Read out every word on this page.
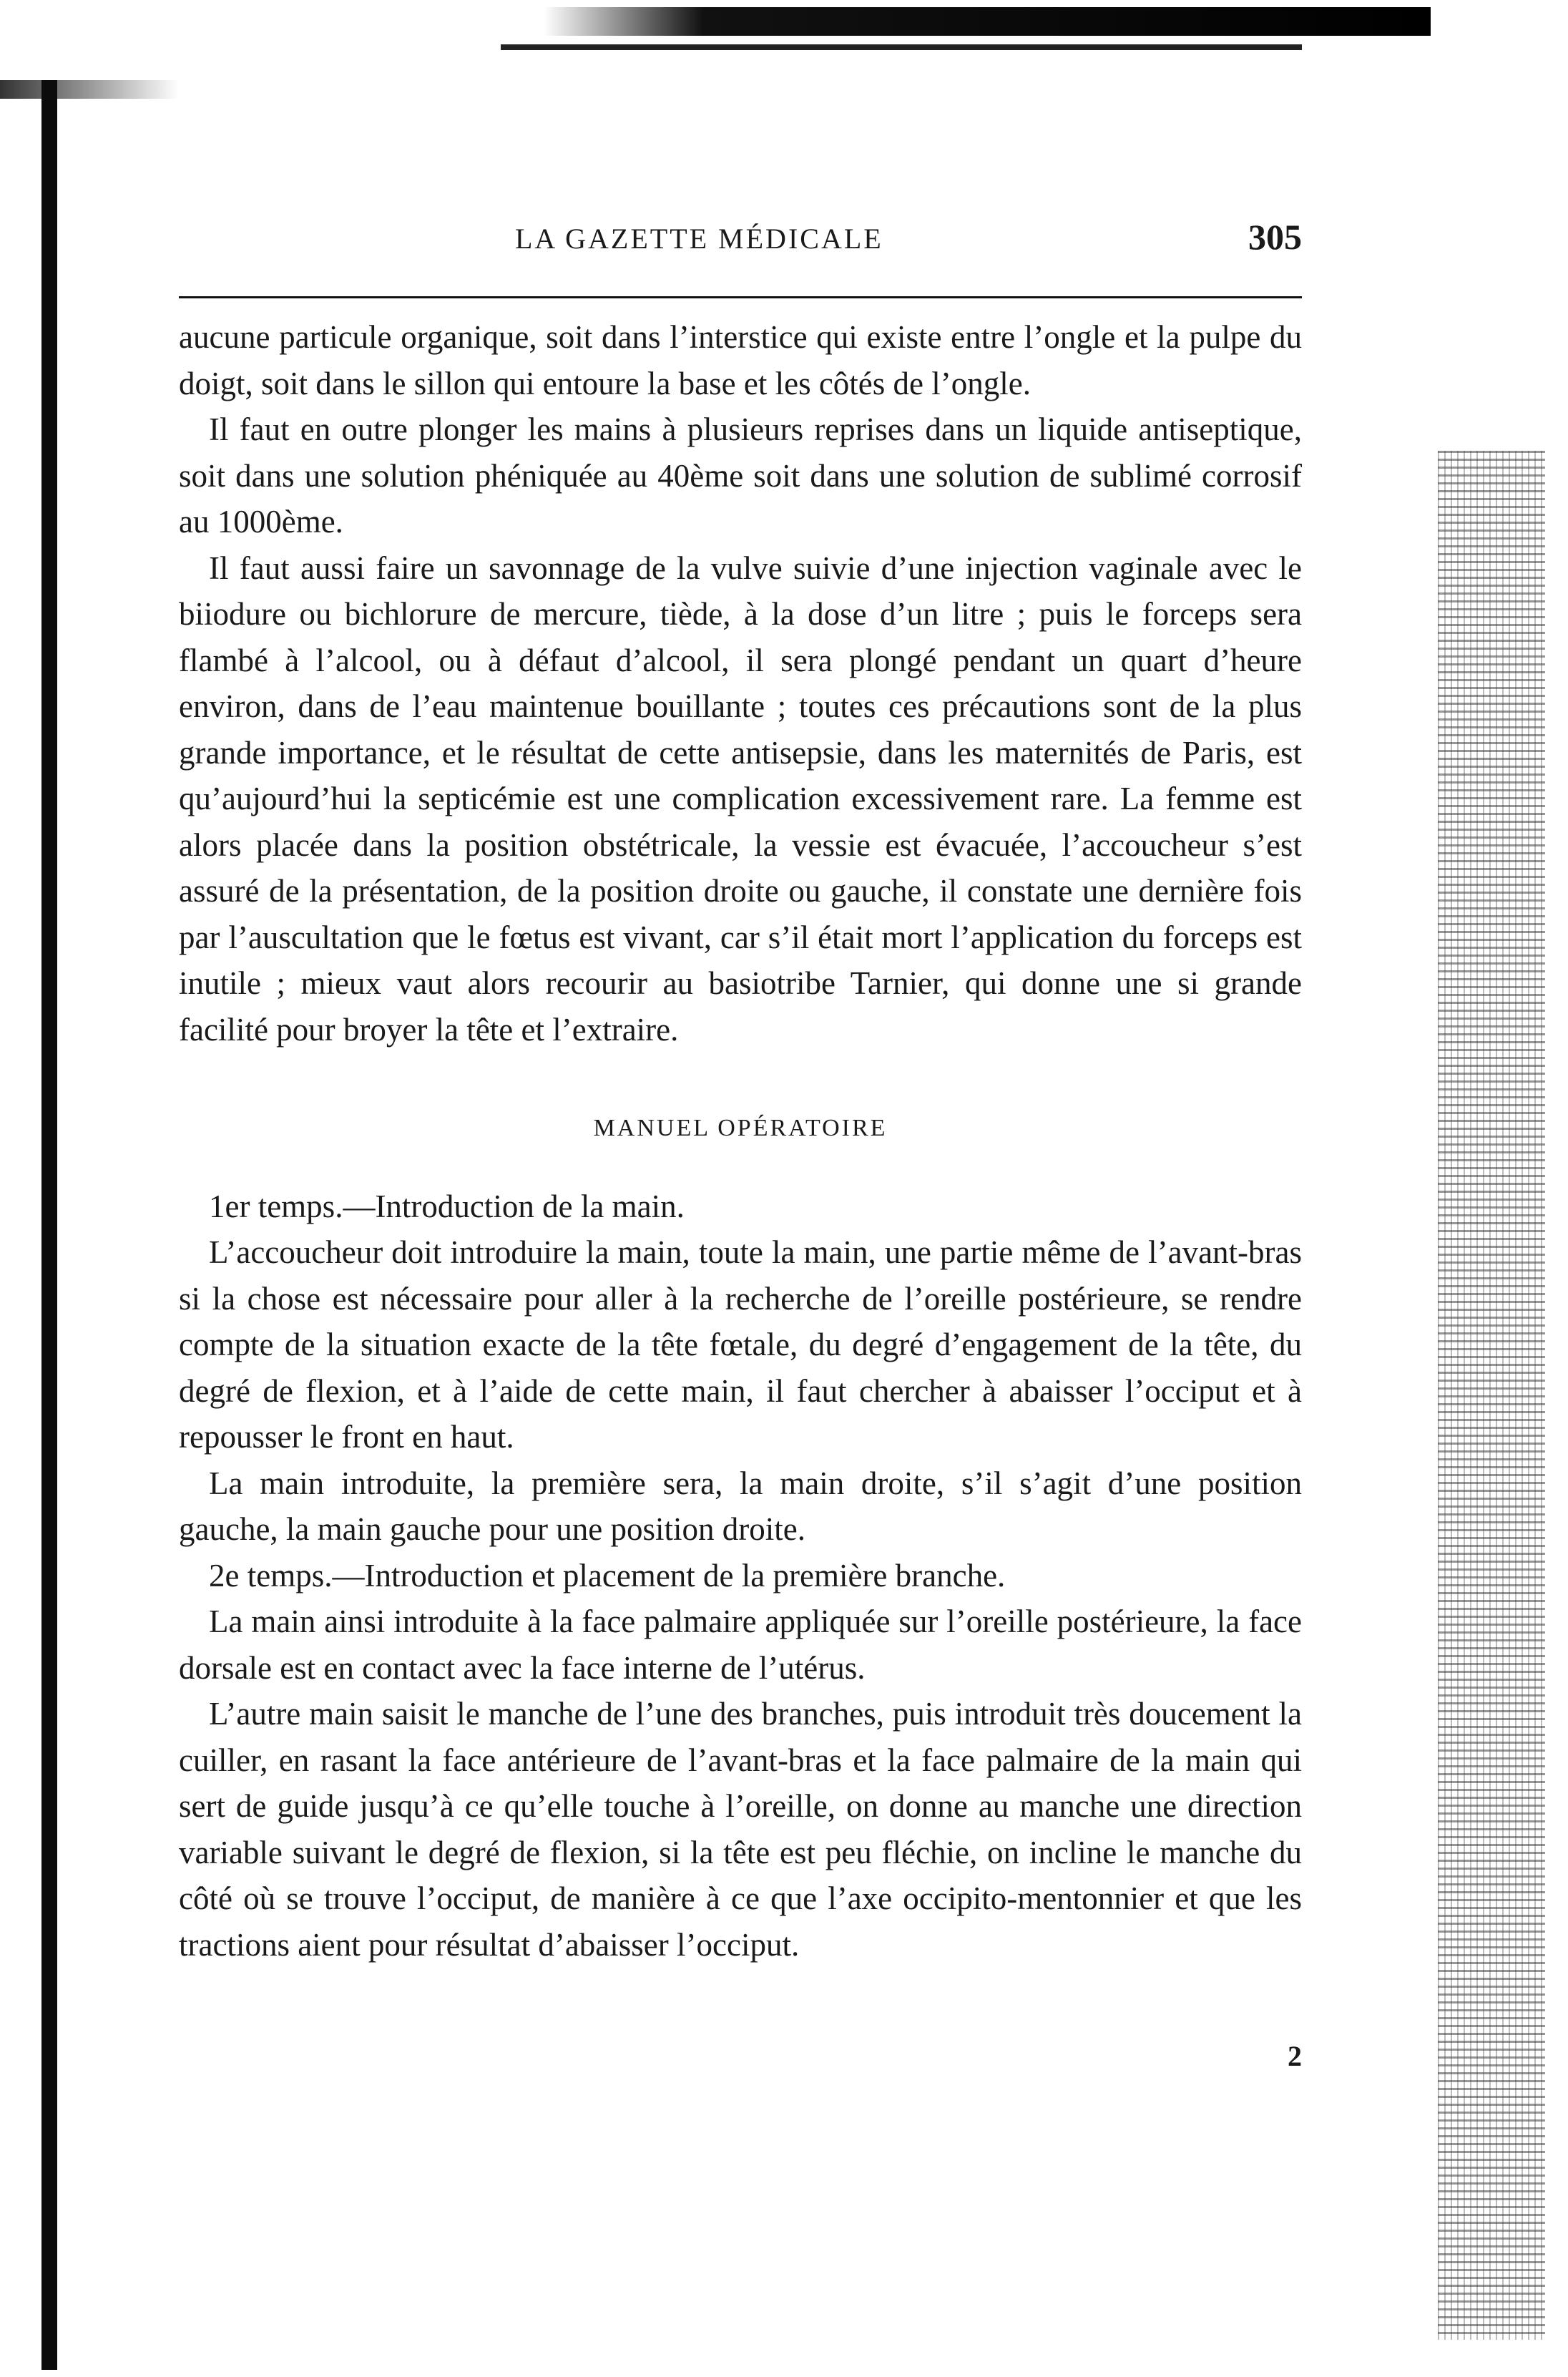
LA GAZETTE MÉDICALE	305

aucune particule organique, soit dans l’interstice qui existe entre l’ongle et la pulpe du doigt, soit dans le sillon qui entoure la base et les côtés de l’ongle.

Il faut en outre plonger les mains à plusieurs reprises dans un liquide antiseptique, soit dans une solution phéniquée au 40ème soit dans une solution de sublimé corrosif au 1000ème.

Il faut aussi faire un savonnage de la vulve suivie d’une injection vaginale avec le biiodure ou bichlorure de mercure, tiède, à la dose d’un litre ; puis le forceps sera flambé à l’alcool, ou à défaut d’alcool, il sera plongé pendant un quart d’heure environ, dans de l’eau maintenue bouillante ; toutes ces précautions sont de la plus grande importance, et le résultat de cette antisepsie, dans les maternités de Paris, est qu’aujourd’hui la septicémie est une complication excessivement rare. La femme est alors placée dans la position obstétricale, la vessie est évacuée, l’accoucheur s’est assuré de la présentation, de la position droite ou gauche, il constate une dernière fois par l’auscultation que le fœtus est vivant, car s’il était mort l’application du forceps est inutile ; mieux vaut alors recourir au basiotribe Tarnier, qui donne une si grande facilité pour broyer la tête et l’extraire.

MANUEL OPÉRATOIRE

1er temps.—Introduction de la main.

L’accoucheur doit introduire la main, toute la main, une partie même de l’avant-bras si la chose est nécessaire pour aller à la recherche de l’oreille postérieure, se rendre compte de la situation exacte de la tête fœtale, du degré d’engagement de la tête, du degré de flexion, et à l’aide de cette main, il faut chercher à abaisser l’occiput et à repousser le front en haut.

La main introduite, la première sera, la main droite, s’il s’agit d’une position gauche, la main gauche pour une position droite.

2e temps.—Introduction et placement de la première branche.

La main ainsi introduite à la face palmaire appliquée sur l’oreille postérieure, la face dorsale est en contact avec la face interne de l’utérus.

L’autre main saisit le manche de l’une des branches, puis introduit très doucement la cuiller, en rasant la face antérieure de l’avant-bras et la face palmaire de la main qui sert de guide jusqu’à ce qu’elle touche à l’oreille, on donne au manche une direction variable suivant le degré de flexion, si la tête est peu fléchie, on incline le manche du côté où se trouve l’occiput, de manière à ce que l’axe occipito-mentonnier et que les tractions aient pour résultat d’abaisser l’occiput.

2
